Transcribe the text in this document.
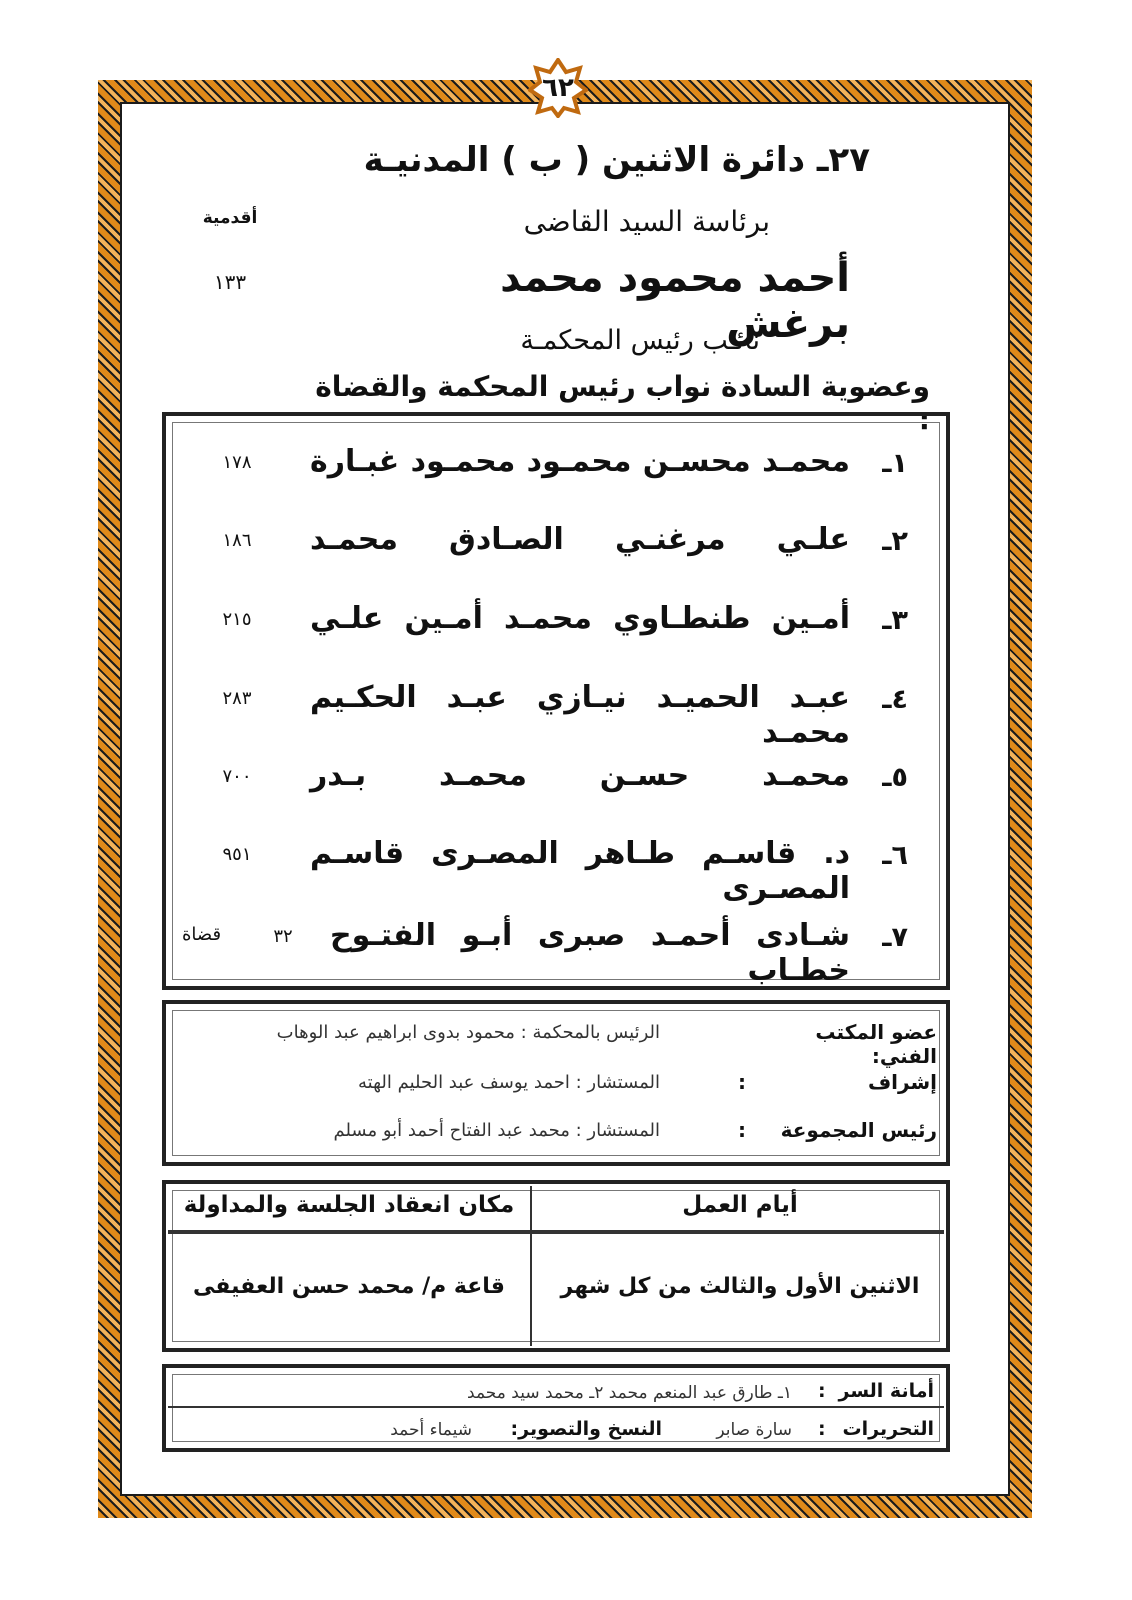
٦٢
٢٧ـ دائرة الاثنين ( ب ) المدنيـة
برئاسة السيد القاضى
أقدمية
أحمد محمود محمد برغش
١٣٣
نائـب رئيس المحكمـة
وعضوية السادة نواب رئيس المحكمة والقضاة :
١ـ
محمـد محسـن محمـود محمـود غبـارة
١٧٨
٢ـ
علـي مرغنـي الصـادق محمـد
١٨٦
٣ـ
أمـين طنطـاوي محمـد أمـين علـي
٢١٥
٤ـ
عبـد الحميـد نيـازي عبـد الحكـيم محمـد
٢٨٣
٥ـ
محمـد حسـن محمـد بـدر
٧٠٠
٦ـ
د. قاسـم طـاهر المصـرى قاسـم المصـرى
٩٥١
٧ـ
شـادى أحمـد صبرى أبـو الفتـوح خطـاب
٣٢
قضاة
عضو المكتب الفني:
الرئيس بالمحكمة : محمود بدوى ابراهيم عبد الوهاب
إشراف
:
المستشار : احمد يوسف عبد الحليم الهته
رئيس المجموعة
:
المستشار : محمد عبد الفتاح أحمد أبو مسلم
أيام العمل
مكان انعقاد الجلسة والمداولة
الاثنين الأول والثالث من كل شهر
قاعة م/ محمد حسن العفيفى
أمانة السر
:
١ـ طارق عبد المنعم محمد ٢ـ محمد سيد محمد
التحريرات
:
سارة صابر
النسخ والتصوير:
شيماء أحمد
